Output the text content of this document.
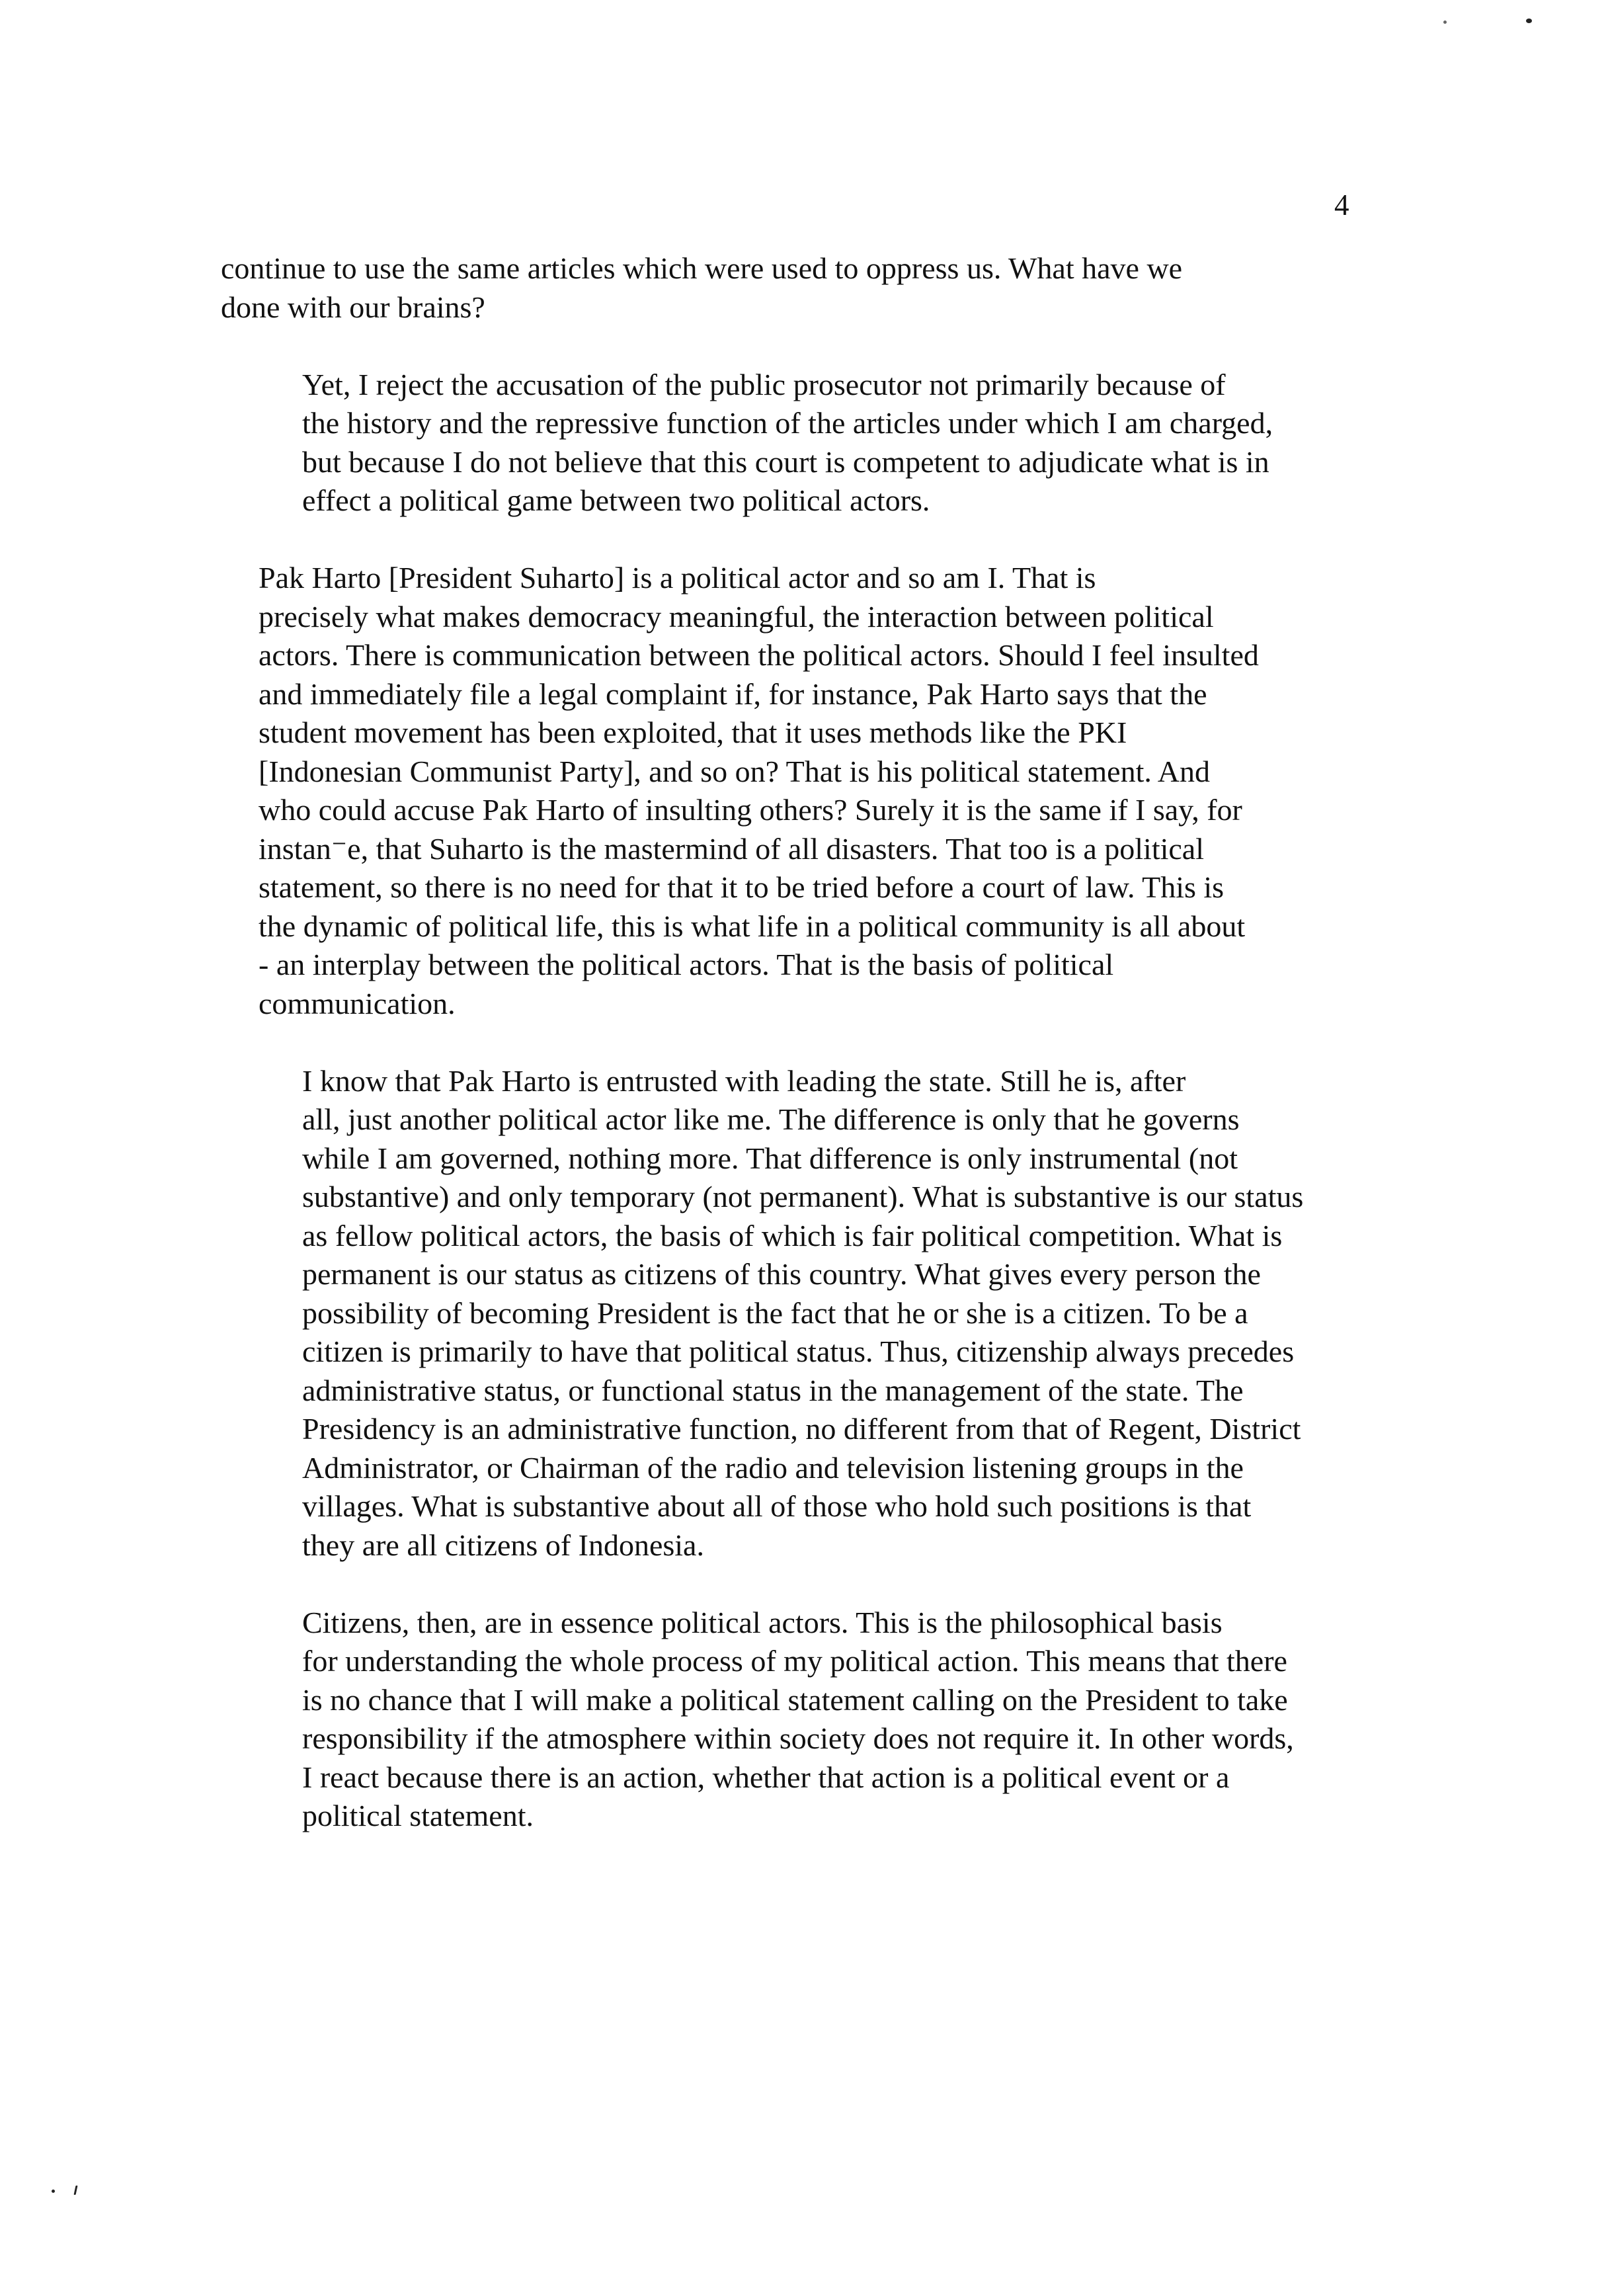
4

continue to use the same articles which were used to oppress us. What have we
done with our brains?

Yet, I reject the accusation of the public prosecutor not primarily because of
the history and the repressive function of the articles under which I am charged,
but because I do not believe that this court is competent to adjudicate what is in
effect a political game between two political actors.

Pak Harto [President Suharto] is a political actor and so am I. That is
precisely what makes democracy meaningful, the interaction between political
actors. There is communication between the political actors. Should I feel insulted
and immediately file a legal complaint if, for instance, Pak Harto says that the
student movement has been exploited, that it uses methods like the PKI
[Indonesian Communist Party], and so on? That is his political statement. And
who could accuse Pak Harto of insulting others? Surely it is the same if I say, for
instan⁻e, that Suharto is the mastermind of all disasters. That too is a political
statement, so there is no need for that it to be tried before a court of law. This is
the dynamic of political life, this is what life in a political community is all about
- an interplay between the political actors. That is the basis of political
communication.

I know that Pak Harto is entrusted with leading the state. Still he is, after
all, just another political actor like me. The difference is only that he governs
while I am governed, nothing more. That difference is only instrumental (not
substantive) and only temporary (not permanent). What is substantive is our status
as fellow political actors, the basis of which is fair political competition. What is
permanent is our status as citizens of this country. What gives every person the
possibility of becoming President is the fact that he or she is a citizen. To be a
citizen is primarily to have that political status. Thus, citizenship always precedes
administrative status, or functional status in the management of the state. The
Presidency is an administrative function, no different from that of Regent, District
Administrator, or Chairman of the radio and television listening groups in the
villages. What is substantive about all of those who hold such positions is that
they are all citizens of Indonesia.

Citizens, then, are in essence political actors. This is the philosophical basis
for understanding the whole process of my political action. This means that there
is no chance that I will make a political statement calling on the President to take
responsibility if the atmosphere within society does not require it. In other words,
I react because there is an action, whether that action is a political event or a
political statement.
